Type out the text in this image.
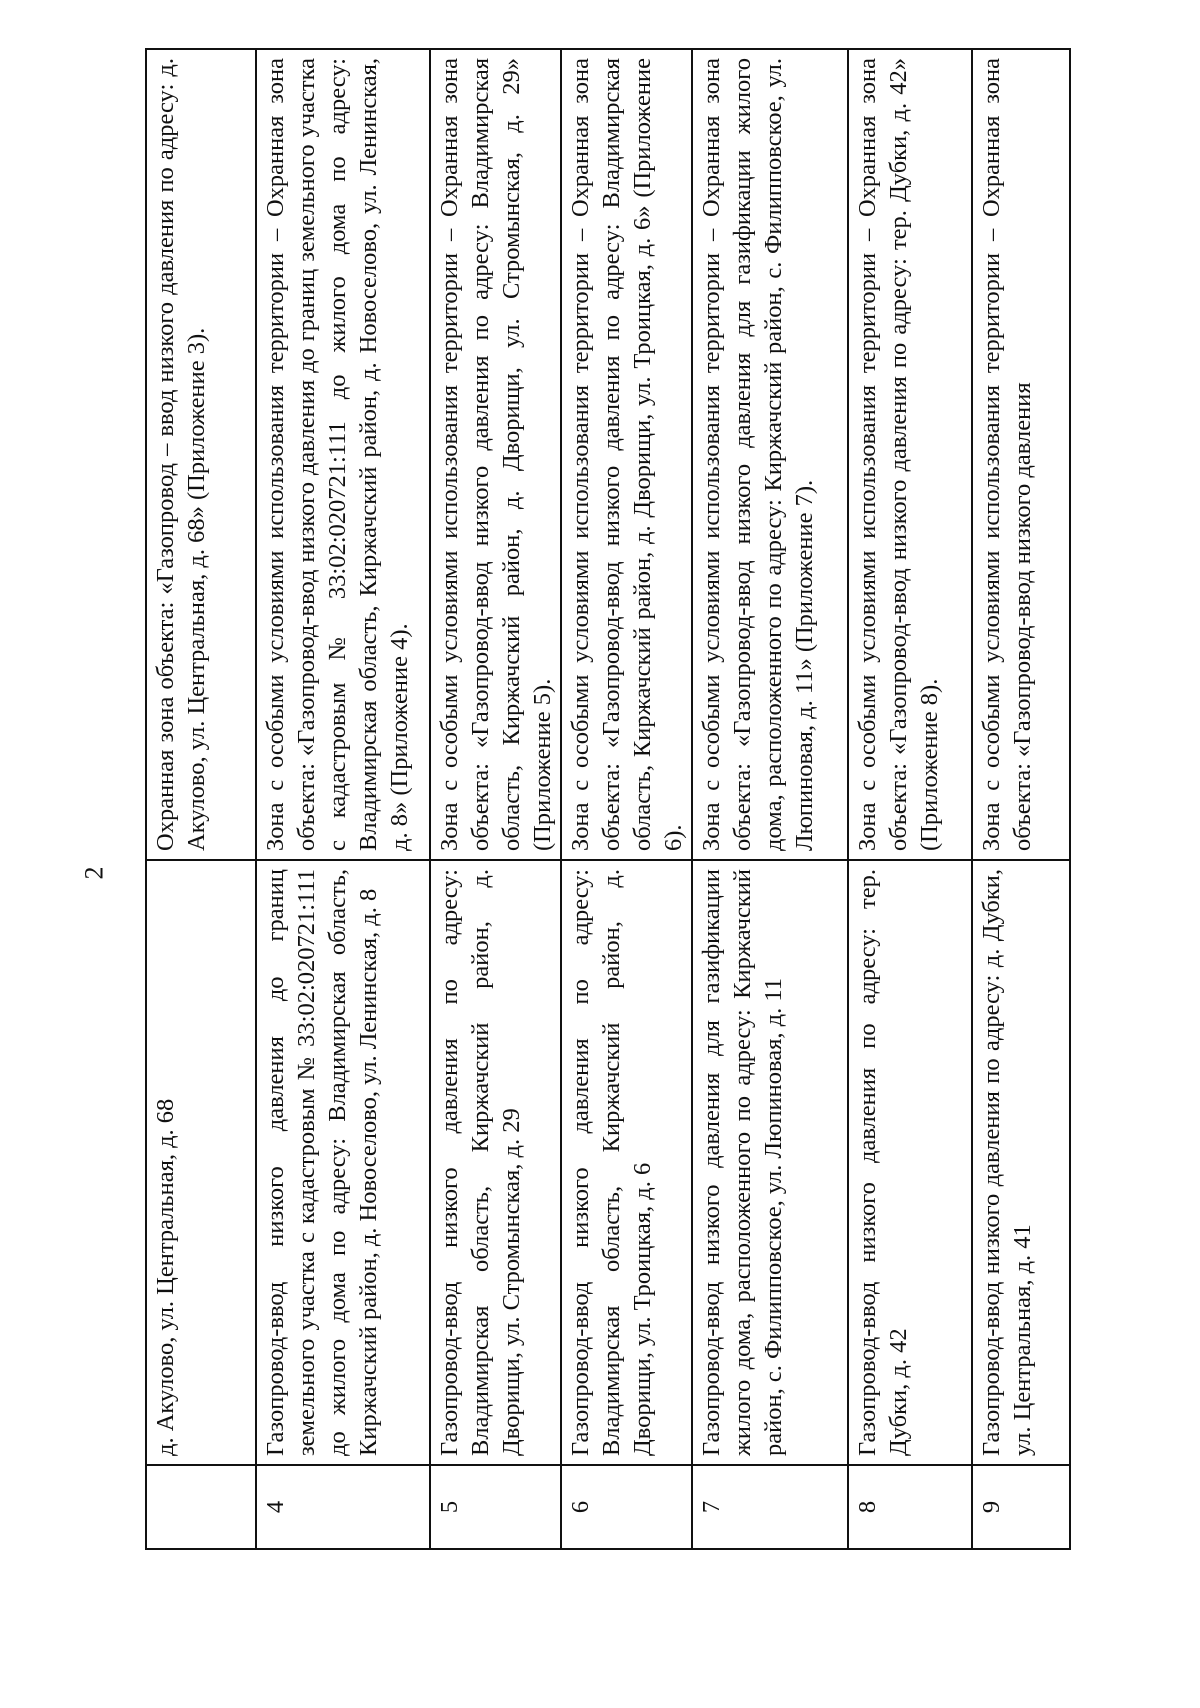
2
	д. Акулово, ул. Центральная, д. 68	Охранная зона объекта: «Газопровод – ввод низкого давления по адресу: д. Акулово, ул. Центральная, д. 68» (Приложение 3).
4	Газопровод-ввод низкого давления до границ земельного участка с кадастровым № 33:02:020721:111 до жилого дома по адресу: Владимирская область, Киржачский район, д. Новоселово, ул. Ленинская, д. 8	Зона с особыми условиями использования территории – Охранная зона объекта: «Газопровод-ввод низкого давления до границ земельного участка с кадастровым № 33:02:020721:111 до жилого дома по адресу: Владимирская область, Киржачский район, д. Новоселово, ул. Ленинская, д. 8» (Приложение 4).
5	Газопровод-ввод низкого давления по адресу: Владимирская область, Киржачский район, д. Дворищи, ул. Стромынская, д. 29	Зона с особыми условиями использования территории – Охранная зона объекта: «Газопровод-ввод низкого давления по адресу: Владимирская область, Киржачский район, д. Дворищи, ул. Стромынская, д. 29» (Приложение 5).
6	Газопровод-ввод низкого давления по адресу: Владимирская область, Киржачский район, д. Дворищи, ул. Троицкая, д. 6	Зона с особыми условиями использования территории – Охранная зона объекта: «Газопровод-ввод низкого давления по адресу: Владимирская область, Киржачский район, д. Дворищи, ул. Троицкая, д. 6» (Приложение 6).
7	Газопровод-ввод низкого давления для газификации жилого дома, расположенного по адресу: Киржачский район, с. Филипповское, ул. Люпиновая, д. 11	Зона с особыми условиями использования территории – Охранная зона объекта: «Газопровод-ввод низкого давления для газификации жилого дома, расположенного по адресу: Киржачский район, с. Филипповское, ул. Люпиновая, д. 11» (Приложение 7).
8	Газопровод-ввод низкого давления по адресу: тер. Дубки, д. 42	Зона с особыми условиями использования территории – Охранная зона объекта: «Газопровод-ввод низкого давления по адресу: тер. Дубки, д. 42» (Приложение 8).
9	Газопровод-ввод низкого давления по адресу: д. Дубки, ул. Центральная, д. 41	Зона с особыми условиями использования территории – Охранная зона объекта: «Газопровод-ввод низкого давления
